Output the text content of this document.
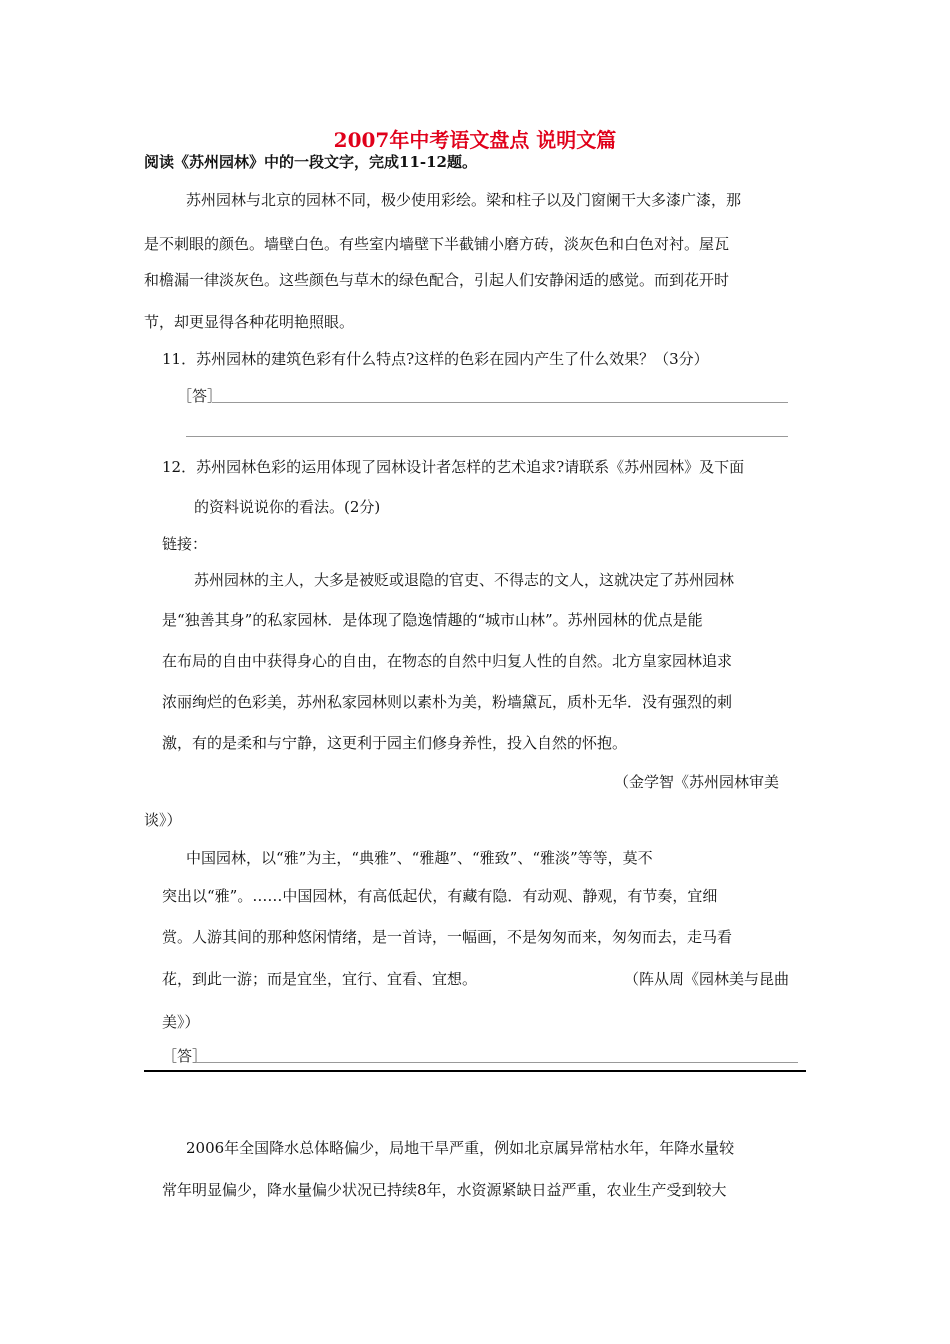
2007年中考语文盘点 说明文篇
阅读《苏州园林》中的一段文字，完成11-12题。
苏州园林与北京的园林不同，极少使用彩绘。梁和柱子以及门窗阑干大多漆广漆，那
是不刺眼的颜色。墙壁白色。有些室内墙壁下半截铺小磨方砖，淡灰色和白色对衬。屋瓦
和檐漏一律淡灰色。这些颜色与草木的绿色配合，引起人们安静闲适的感觉。而到花开时
节，却更显得各种花明艳照眼。
11．苏州园林的建筑色彩有什么特点?这样的色彩在园内产生了什么效果？（3分）
［答］
12．苏州园林色彩的运用体现了园林设计者怎样的艺术追求?请联系《苏州园林》及下面
的资料说说你的看法。(2分)
链接：
苏州园林的主人，大多是被贬或退隐的官吏、不得志的文人，这就决定了苏州园林
是“独善其身”的私家园林．是体现了隐逸情趣的“城市山林”。苏州园林的优点是能
在布局的自由中获得身心的自由，在物态的自然中归复人性的自然。北方皇家园林追求
浓丽绚烂的色彩美，苏州私家园林则以素朴为美，粉墙黛瓦，质朴无华．没有强烈的刺
激，有的是柔和与宁静，这更利于园主们修身养性，投入自然的怀抱。
（金学智《苏州园林审美
谈》）
中国园林，以“雅”为主，“典雅”、“雅趣”、“雅致”、“雅淡”等等，莫不
突出以“雅”。……中国园林，有高低起伏，有藏有隐．有动观、静观，有节奏，宜细
赏。人游其间的那种悠闲情绪，是一首诗，一幅画，不是匆匆而来，匆匆而去，走马看
花，到此一游；而是宜坐，宜行、宜看、宜想。	（阵从周《园林美与昆曲
美》）
［答］
2006年全国降水总体略偏少，局地干旱严重，例如北京属异常枯水年，年降水量较
常年明显偏少，降水量偏少状况已持续8年，水资源紧缺日益严重，农业生产受到较大
